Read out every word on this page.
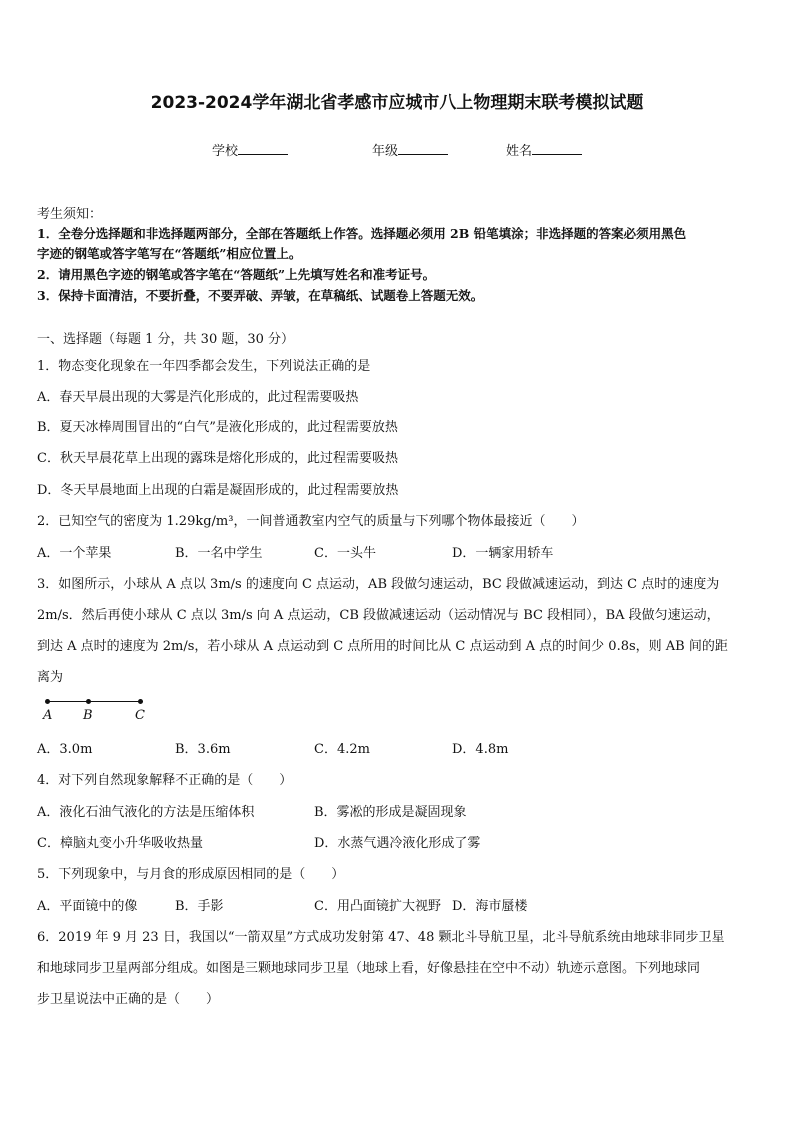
2023-2024学年湖北省孝感市应城市八上物理期末联考模拟试题
学校	年级	姓名
考生须知：
1．全卷分选择题和非选择题两部分，全部在答题纸上作答。选择题必须用 2B 铅笔填涂；非选择题的答案必须用黑色
字迹的钢笔或答字笔写在“答题纸”相应位置上。
2．请用黑色字迹的钢笔或答字笔在“答题纸”上先填写姓名和准考证号。
3．保持卡面清洁，不要折叠，不要弄破、弄皱，在草稿纸、试题卷上答题无效。
一、选择题（每题 1 分，共 30 题，30 分）
1．物态变化现象在一年四季都会发生，下列说法正确的是
A．春天早晨出现的大雾是汽化形成的，此过程需要吸热
B．夏天冰棒周围冒出的“白气”是液化形成的，此过程需要放热
C．秋天早晨花草上出现的露珠是熔化形成的，此过程需要吸热
D．冬天早晨地面上出现的白霜是凝固形成的，此过程需要放热
2．已知空气的密度为 1.29kg/m³，一间普通教室内空气的质量与下列哪个物体最接近（　　）
A．一个苹果	B．一名中学生	C．一头牛	D．一辆家用轿车
3．如图所示，小球从 A 点以 3m/s 的速度向 C 点运动，AB 段做匀速运动，BC 段做减速运动，到达 C 点时的速度为
2m/s．然后再使小球从 C 点以 3m/s 向 A 点运动，CB 段做减速运动（运动情况与 BC 段相同），BA 段做匀速运动，
到达 A 点时的速度为 2m/s，若小球从 A 点运动到 C 点所用的时间比从 C 点运动到 A 点的时间少 0.8s，则 AB 间的距
离为
A B	C
A．3.0m	B．3.6m	C．4.2m	D．4.8m
4．对下列自然现象解释不正确的是（　　）
A．液化石油气液化的方法是压缩体积	B．雾凇的形成是凝固现象
C．樟脑丸变小升华吸收热量	D．水蒸气遇冷液化形成了雾
5．下列现象中，与月食的形成原因相同的是（　　）
A．平面镜中的像	B．手影	C．用凸面镜扩大视野 D．海市蜃楼
6．2019 年 9 月 23 日，我国以“一箭双星”方式成功发射第 47、48 颗北斗导航卫星，北斗导航系统由地球非同步卫星
和地球同步卫星两部分组成。如图是三颗地球同步卫星（地球上看，好像悬挂在空中不动）轨迹示意图。下列地球同
步卫星说法中正确的是（　　）
